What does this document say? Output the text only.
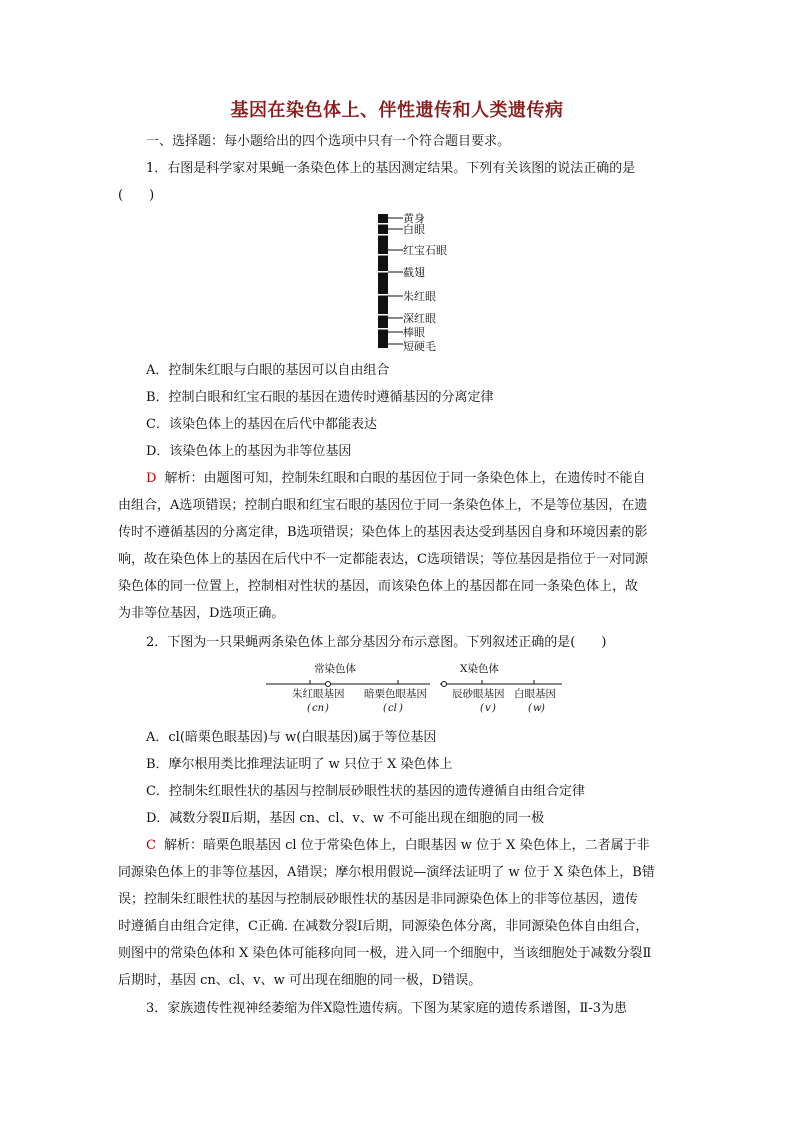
基因在染色体上、伴性遗传和人类遗传病
一、选择题：每小题给出的四个选项中只有一个符合题目要求。
1．右图是科学家对果蝇一条染色体上的基因测定结果。下列有关该图的说法正确的是
(　　)
黄身
白眼
红宝石眼
截翅
朱红眼
深红眼
棒眼
短硬毛
A．控制朱红眼与白眼的基因可以自由组合
B．控制白眼和红宝石眼的基因在遗传时遵循基因的分离定律
C．该染色体上的基因在后代中都能表达
D．该染色体上的基因为非等位基因
D 解析：由题图可知，控制朱红眼和白眼的基因位于同一条染色体上，在遗传时不能自
由组合，A选项错误；控制白眼和红宝石眼的基因位于同一条染色体上，不是等位基因，在遗
传时不遵循基因的分离定律，B选项错误；染色体上的基因表达受到基因自身和环境因素的影
响，故在染色体上的基因在后代中不一定都能表达，C选项错误；等位基因是指位于一对同源
染色体的同一位置上，控制相对性状的基因，而该染色体上的基因都在同一条染色体上，故
为非等位基因，D选项正确。
2．下图为一只果蝇两条染色体上部分基因分布示意图。下列叙述正确的是(　　)
常染色体	X染色体
朱红眼基因 暗栗色眼基因 辰砂眼基因 白眼基因
( cn )	( cl )	( v )	( w )
A．cl(暗栗色眼基因)与 w(白眼基因)属于等位基因
B．摩尔根用类比推理法证明了 w 只位于 X 染色体上
C．控制朱红眼性状的基因与控制辰砂眼性状的基因的遗传遵循自由组合定律
D．减数分裂Ⅱ后期，基因 cn、cl、v、w 不可能出现在细胞的同一极
C 解析：暗栗色眼基因 cl 位于常染色体上，白眼基因 w 位于 X 染色体上，二者属于非
同源染色体上的非等位基因，A错误；摩尔根用假说—演绎法证明了 w 位于 X 染色体上，B错
误；控制朱红眼性状的基因与控制辰砂眼性状的基因是非同源染色体上的非等位基因，遗传
时遵循自由组合定律，C正确. 在减数分裂Ⅰ后期，同源染色体分离，非同源染色体自由组合，
则图中的常染色体和 X 染色体可能移向同一极，进入同一个细胞中，当该细胞处于减数分裂Ⅱ
后期时，基因 cn、cl、v、w 可出现在细胞的同一极，D错误。
3．家族遗传性视神经萎缩为伴X隐性遗传病。下图为某家庭的遗传系谱图，Ⅱ-3为患
